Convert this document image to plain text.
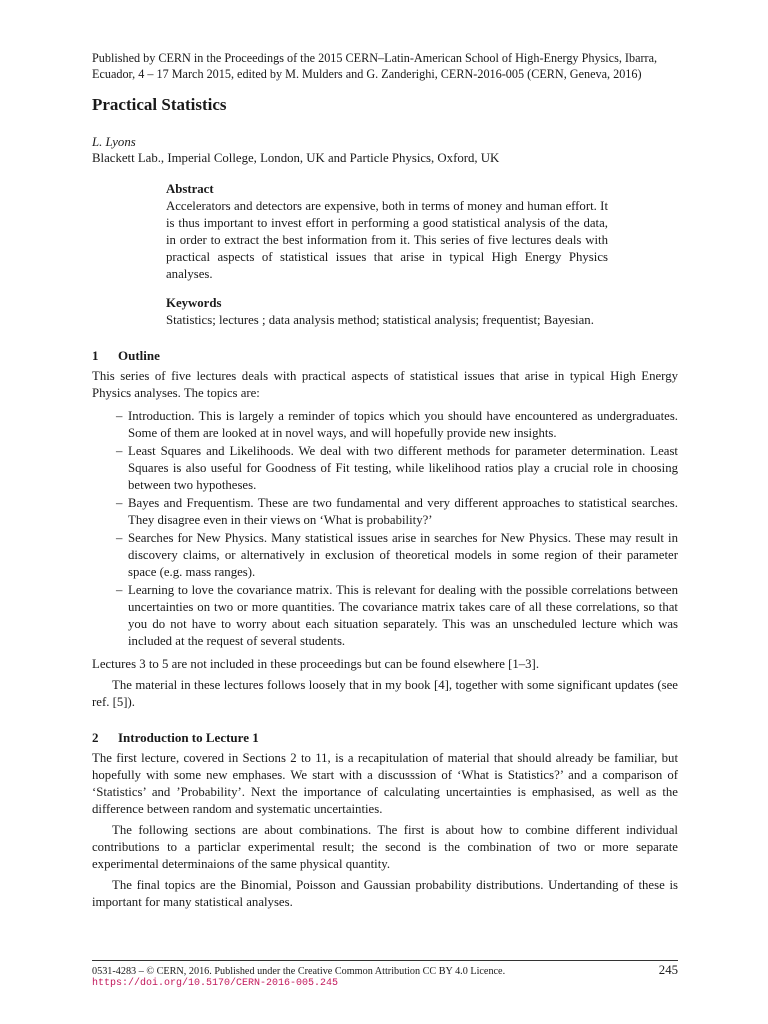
Published by CERN in the Proceedings of the 2015 CERN–Latin-American School of High-Energy Physics, Ibarra, Ecuador, 4 – 17 March 2015, edited by M. Mulders and G. Zanderighi, CERN-2016-005 (CERN, Geneva, 2016)
Practical Statistics
L. Lyons
Blackett Lab., Imperial College, London, UK and Particle Physics, Oxford, UK
Abstract

Accelerators and detectors are expensive, both in terms of money and human effort. It is thus important to invest effort in performing a good statistical analysis of the data, in order to extract the best information from it. This series of five lectures deals with practical aspects of statistical issues that arise in typical High Energy Physics analyses.

Keywords
Statistics; lectures ; data analysis method; statistical analysis; frequentist; Bayesian.
1	Outline

This series of five lectures deals with practical aspects of statistical issues that arise in typical High Energy Physics analyses. The topics are:

– Introduction. This is largely a reminder of topics which you should have encountered as undergraduates. Some of them are looked at in novel ways, and will hopefully provide new insights.
– Least Squares and Likelihoods. We deal with two different methods for parameter determination. Least Squares is also useful for Goodness of Fit testing, while likelihood ratios play a crucial role in choosing between two hypotheses.
– Bayes and Frequentism. These are two fundamental and very different approaches to statistical searches. They disagree even in their views on ‘What is probability?’
– Searches for New Physics. Many statistical issues arise in searches for New Physics. These may result in discovery claims, or alternatively in exclusion of theoretical models in some region of their parameter space (e.g. mass ranges).
– Learning to love the covariance matrix. This is relevant for dealing with the possible correlations between uncertainties on two or more quantities. The covariance matrix takes care of all these correlations, so that you do not have to worry about each situation separately. This was an unscheduled lecture which was included at the request of several students.

Lectures 3 to 5 are not included in these proceedings but can be found elsewhere [1–3].

The material in these lectures follows loosely that in my book [4], together with some significant updates (see ref. [5]).

2	Introduction to Lecture 1

The first lecture, covered in Sections 2 to 11, is a recapitulation of material that should already be familiar, but hopefully with some new emphases. We start with a discusssion of ‘What is Statistics?’ and a comparison of ‘Statistics’ and ’Probability’. Next the importance of calculating uncertainties is emphasised, as well as the difference between random and systematic uncertainties.

The following sections are about combinations. The first is about how to combine different individual contributions to a particlar experimental result; the second is the combination of two or more separate experimental determinaions of the same physical quantity.

The final topics are the Binomial, Poisson and Gaussian probability distributions. Undertanding of these is important for many statistical analyses.

0531-4283 – © CERN, 2016. Published under the Creative Common Attribution CC BY 4.0 Licence.	245
https://doi.org/10.5170/CERN-2016-005.245
